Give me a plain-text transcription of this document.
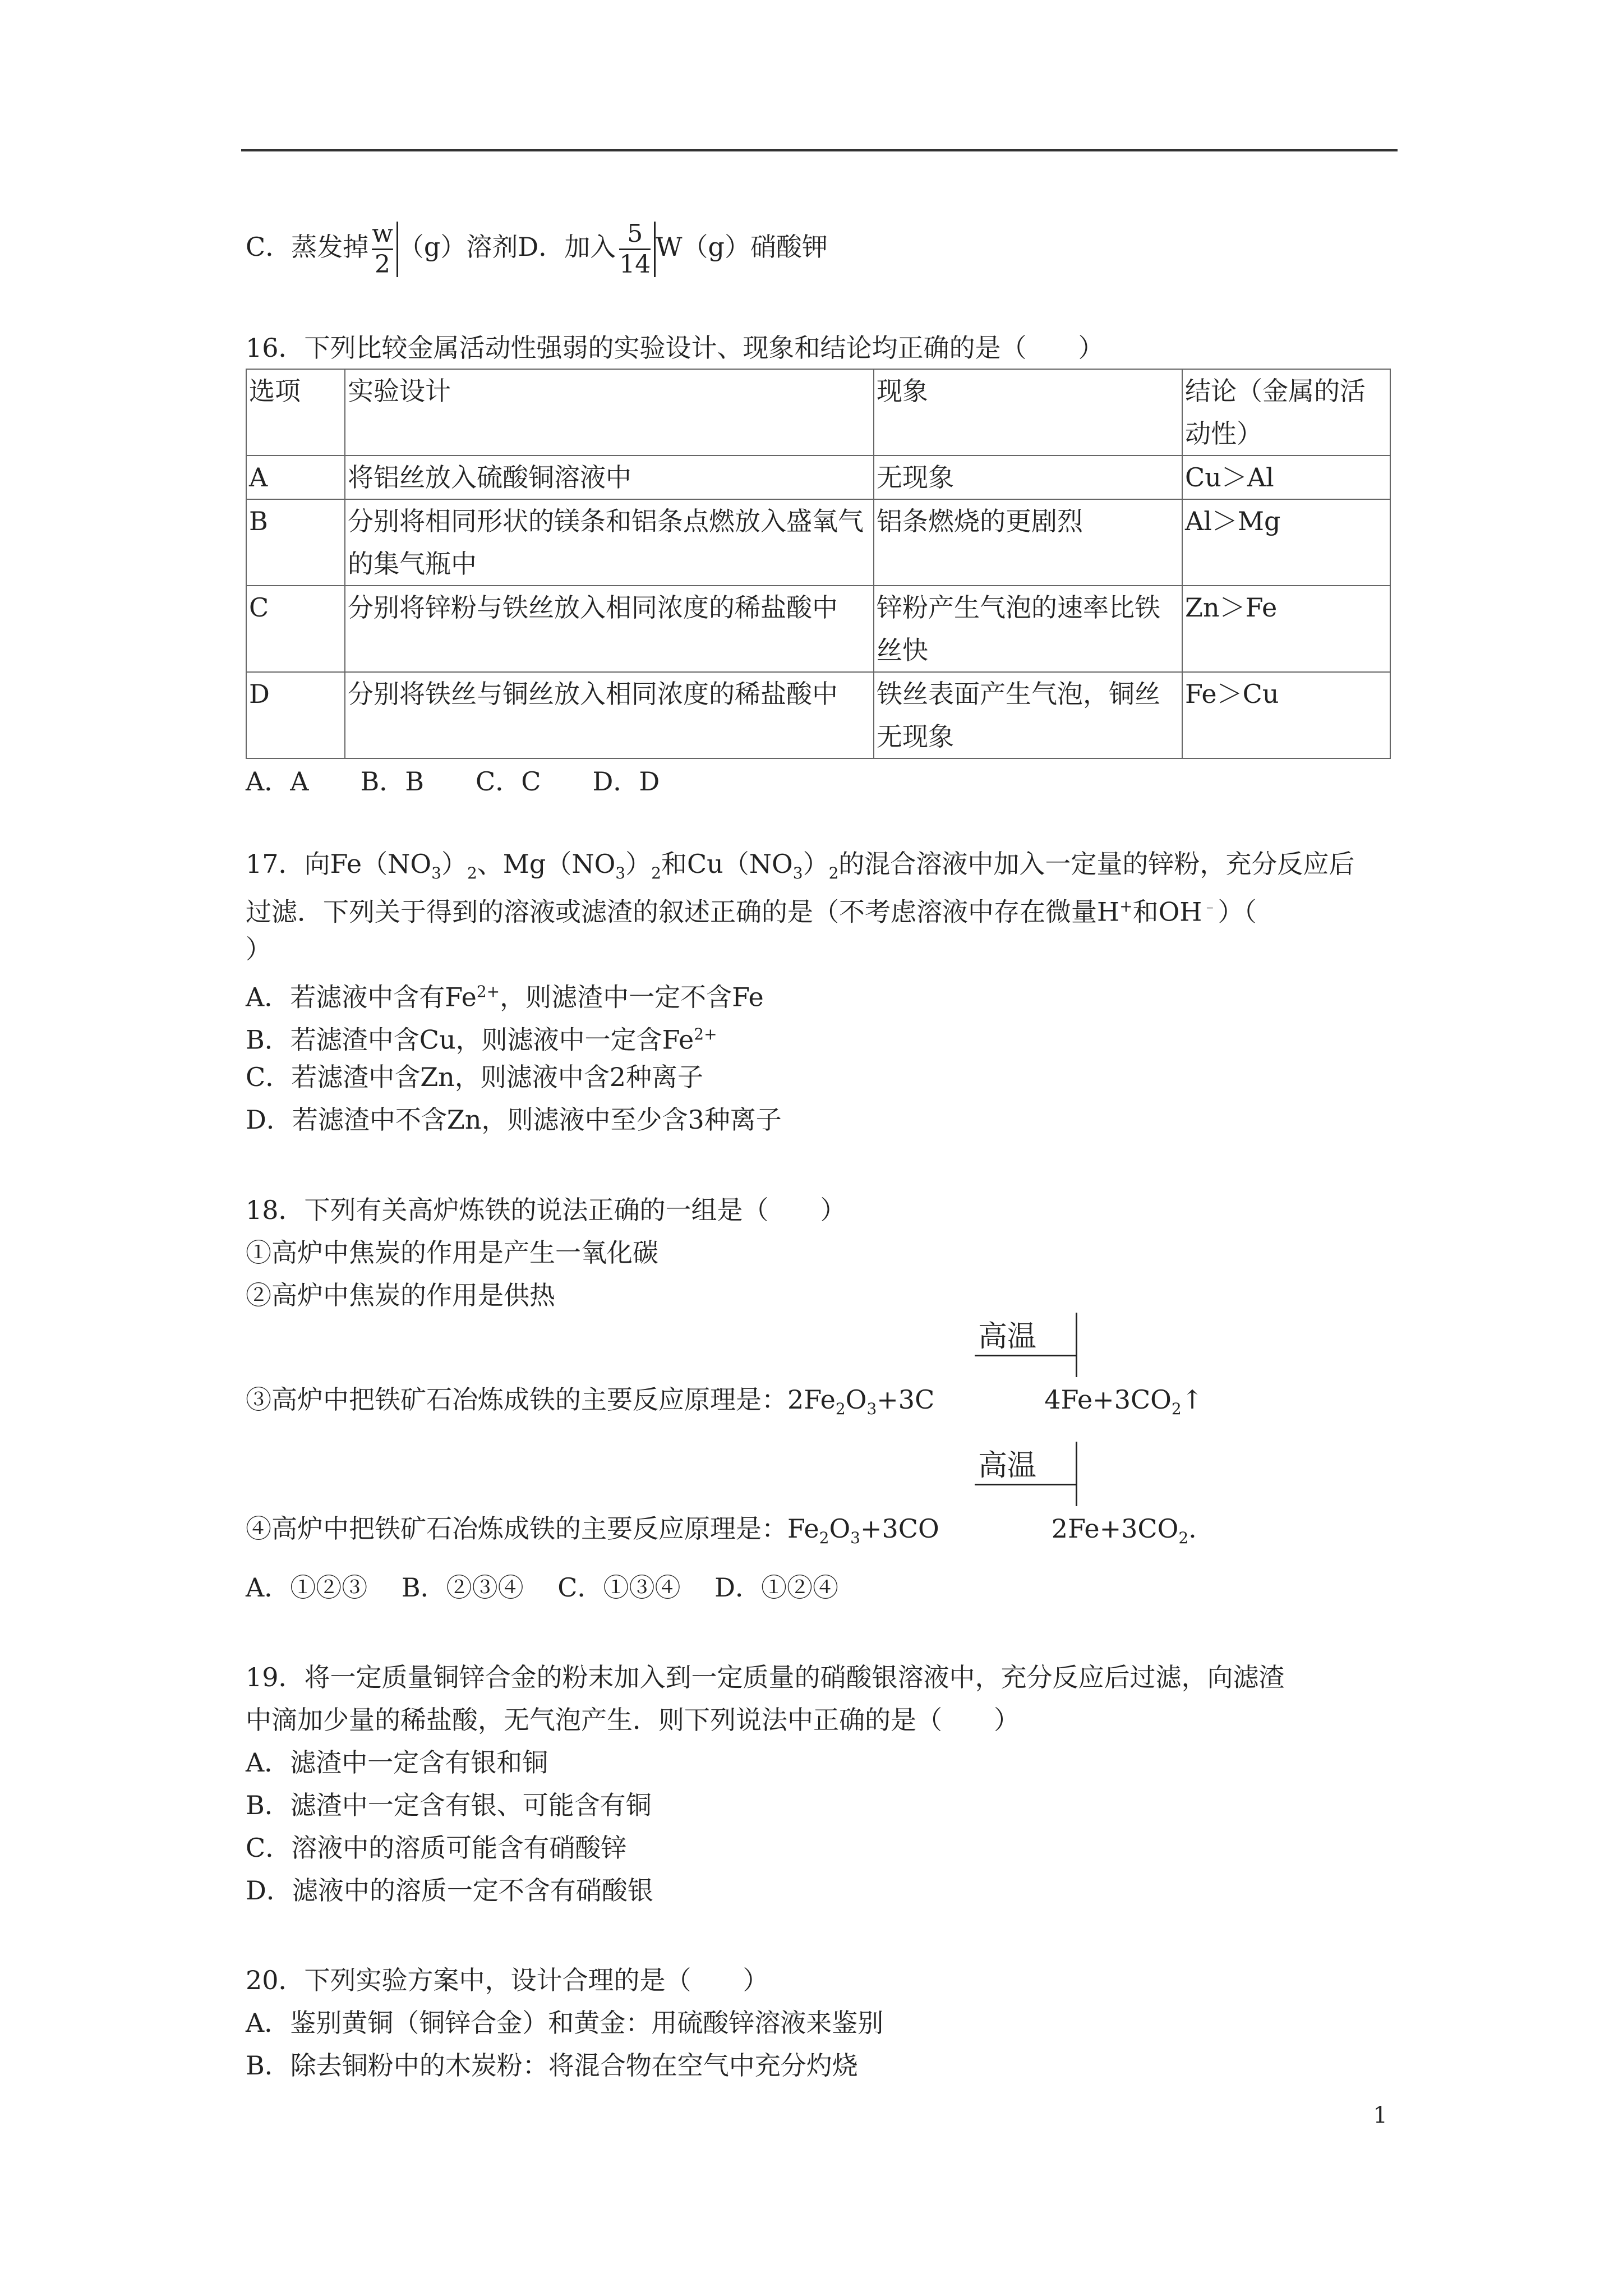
C．蒸发掉 $\frac{w}{2} (g)$溶剂D．加入 $\frac{5}{14} W(g)$硝酸钾
16．下列比较金属活动性强弱的实验设计、现象和结论均正确的是（　　）
选项	实验设计	现象	结论（金属的活动性）
A	将铝丝放入硫酸铜溶液中	无现象	Cu＞Al
B	分别将相同形状的镁条和铝条点燃放入盛氧气的集气瓶中	铝条燃烧的更剧烈	Al＞Mg
C	分别将锌粉与铁丝放入相同浓度的稀盐酸中	锌粉产生气泡的速率比铁丝快	Zn＞Fe
D	分别将铁丝与铜丝放入相同浓度的稀盐酸中	铁丝表面产生气泡，铜丝无现象	Fe＞Cu
A．A　　B．B　　C．C　　D．D
17．向$Fe(NO_3)_2$、$Mg(NO_3)_2$和$Cu(NO_3)_2$的混合溶液中加入一定量的锌粉，充分反应后
过滤．下列关于得到的溶液或滤渣的叙述正确的是（不考虑溶液中存在微量H+和OH﹣）（
）
A．若滤液中含有$Fe^{2+}$，则滤渣中一定不含Fe
B．若滤渣中含Cu，则滤液中一定含$Fe^{2+}$
C．若滤渣中含Zn，则滤液中含2种离子
D．若滤渣中不含Zn，则滤液中至少含3种离子
18．下列有关高炉炼铁的说法正确的一组是（　　）
①高炉中焦炭的作用是产生一氧化碳
②高炉中焦炭的作用是供热
高温
③高炉中把铁矿石冶炼成铁的主要反应原理是：$2Fe_2O_3+3C$	$4Fe+3CO_2↑$
高温
④高炉中把铁矿石冶炼成铁的主要反应原理是：$Fe_2O_3+3CO$	$2Fe+3CO_2$.
A．①②③　 B．②③④　 C．①③④　 D．①②④
19．将一定质量铜锌合金的粉末加入到一定质量的硝酸银溶液中，充分反应后过滤，向滤渣
中滴加少量的稀盐酸，无气泡产生．则下列说法中正确的是（　　）
A．滤渣中一定含有银和铜
B．滤渣中一定含有银、可能含有铜
C．溶液中的溶质可能含有硝酸锌
D．滤液中的溶质一定不含有硝酸银
20．下列实验方案中，设计合理的是（　　）
A．鉴别黄铜（铜锌合金）和黄金：用硫酸锌溶液来鉴别
B．除去铜粉中的木炭粉：将混合物在空气中充分灼烧
1
